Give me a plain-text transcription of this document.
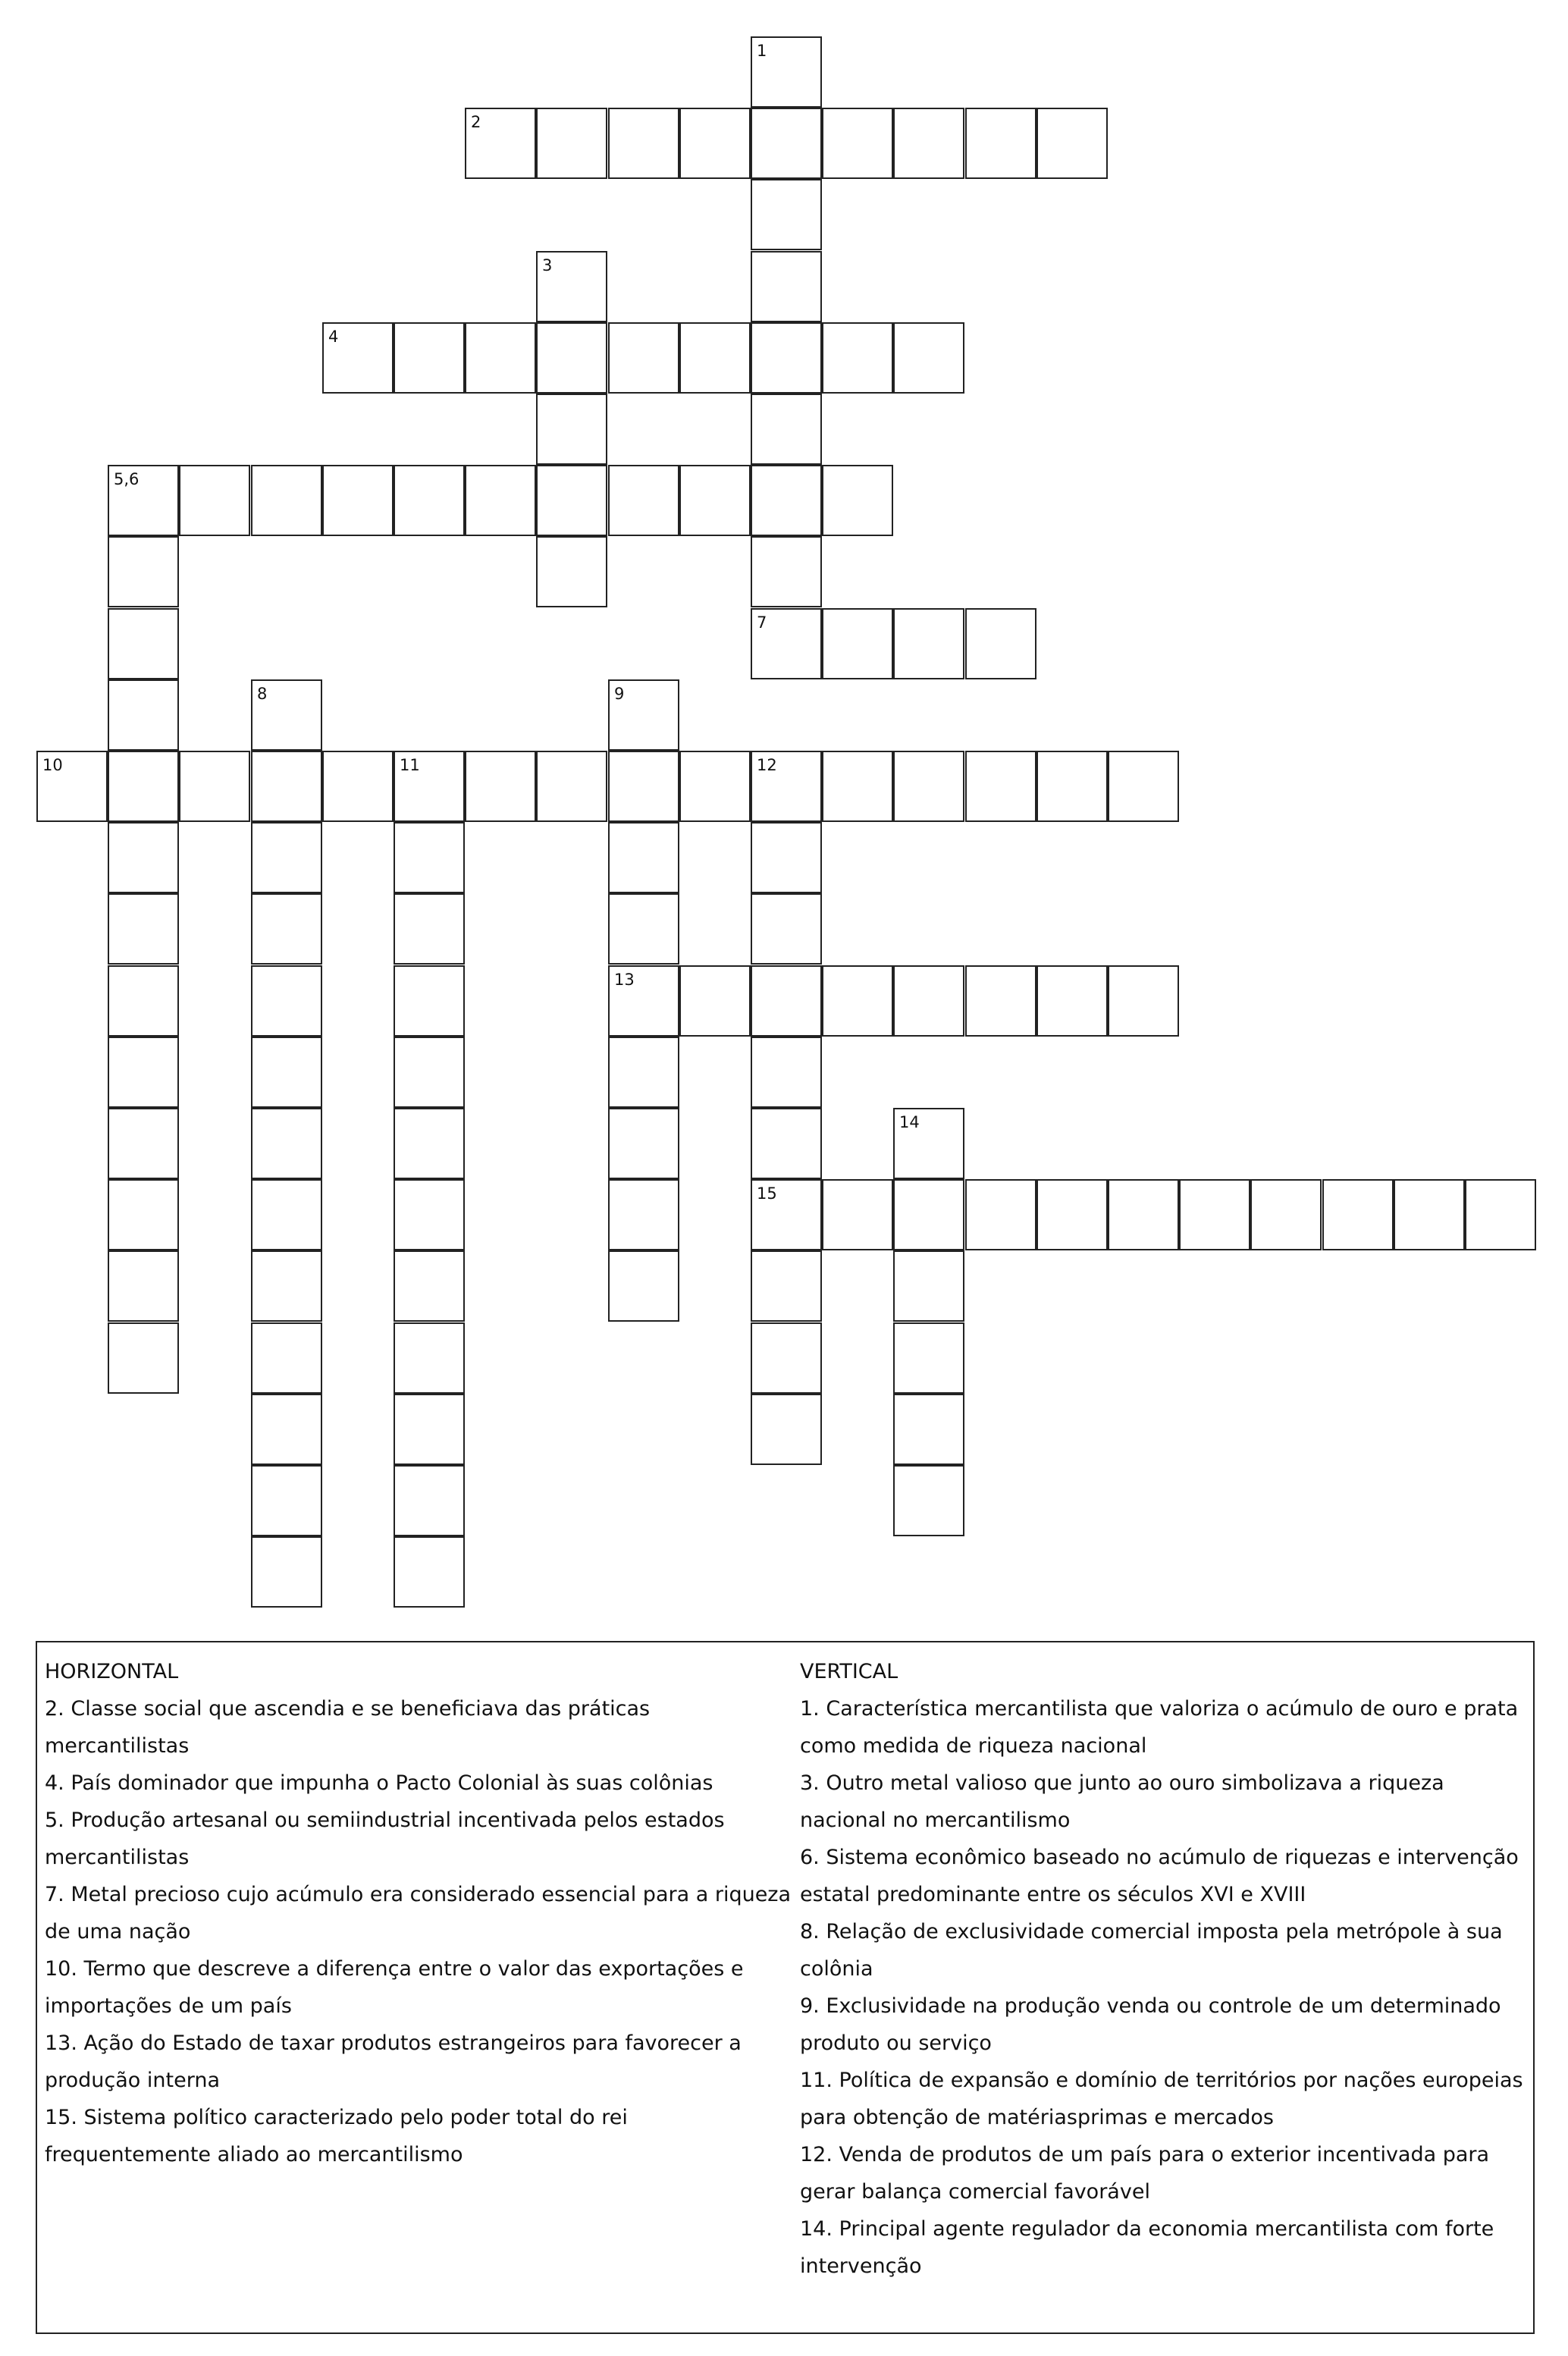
1
2
3
4
5,6
7
8	9
10	11	12
13
14
15

HORIZONTAL

2. Classe social que ascendia e se beneficiava das práticas mercantilistas

4. País dominador que impunha o Pacto Colonial às suas colônias

5. Produção artesanal ou semiindustrial incentivada pelos estados mercantilistas

7. Metal precioso cujo acúmulo era considerado essencial para a riqueza de uma nação

10. Termo que descreve a diferença entre o valor das exportações e importações de um país

13. Ação do Estado de taxar produtos estrangeiros para favorecer a produção interna

15. Sistema político caracterizado pelo poder total do rei frequentemente aliado ao mercantilismo

VERTICAL

1. Característica mercantilista que valoriza o acúmulo de ouro e prata como medida de riqueza nacional

3. Outro metal valioso que junto ao ouro simbolizava a riqueza nacional no mercantilismo

6. Sistema econômico baseado no acúmulo de riquezas e intervenção estatal predominante entre os séculos XVI e XVIII

8. Relação de exclusividade comercial imposta pela metrópole à sua colônia

9. Exclusividade na produção venda ou controle de um determinado produto ou serviço

11. Política de expansão e domínio de territórios por nações europeias para obtenção de matériasprimas e mercados

12. Venda de produtos de um país para o exterior incentivada para gerar balança comercial favorável

14. Principal agente regulador da economia mercantilista com forte intervenção
